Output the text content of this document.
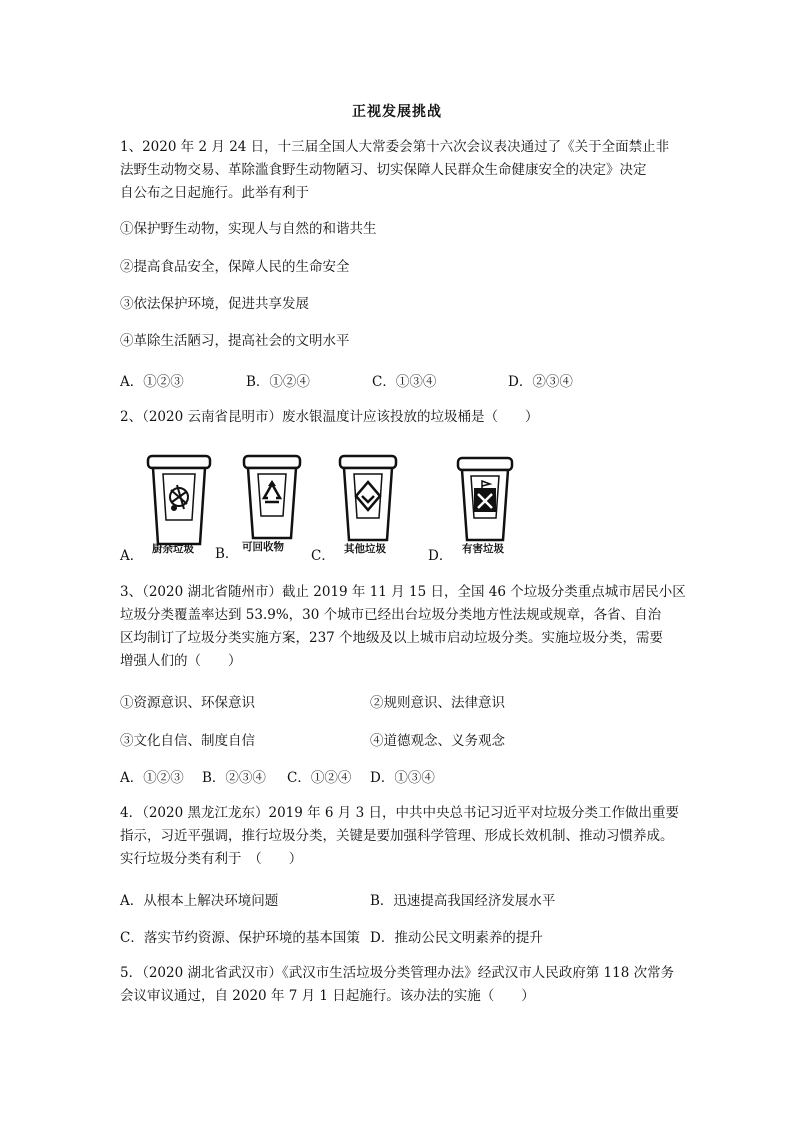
正视发展挑战
1、2020 年 2 月 24 日，十三届全国人大常委会第十六次会议表决通过了《关于全面禁止非
法野生动物交易、革除滥食野生动物陋习、切实保障人民群众生命健康安全的决定》决定
自公布之日起施行。此举有利于
①保护野生动物，实现人与自然的和谐共生
②提高食品安全，保障人民的生命安全
③依法保护环境，促进共享发展
④革除生活陋习，提高社会的文明水平
A．①②③	B．①②④	C．①③④	D．②③④
2、（2020 云南省昆明市）废水银温度计应该投放的垃圾桶是（　　）
A． 厨余垃圾 B． 可回收物
C． 其他垃圾	D． 有害垃圾
3、（2020 湖北省随州市）截止 2019 年 11 月 15 日，全国 46 个垃圾分类重点城市居民小区
垃圾分类覆盖率达到 53.9%，30 个城市已经出台垃圾分类地方性法规或规章，各省、自治
区均制订了垃圾分类实施方案，237 个地级及以上城市启动垃圾分类。实施垃圾分类，需要
增强人们的（　　）
①资源意识、环保意识	②规则意识、法律意识
③文化自信、制度自信	④道德观念、义务观念
A．①②③ B．②③④ C．①②④ D．①③④
4．（2020 黑龙江龙东）2019 年 6 月 3 日，中共中央总书记习近平对垃圾分类工作做出重要
指示，习近平强调，推行垃圾分类，关键是要加强科学管理、形成长效机制、推动习惯养成。
实行垃圾分类有利于　（　　）
A．从根本上解决环境问题	B．迅速提高我国经济发展水平
C．落实节约资源、保护环境的基本国策 D．推动公民文明素养的提升
5．（2020 湖北省武汉市）《武汉市生活垃圾分类管理办法》经武汉市人民政府第 118 次常务
会议审议通过，自 2020 年 7 月 1 日起施行。该办法的实施（　　）
